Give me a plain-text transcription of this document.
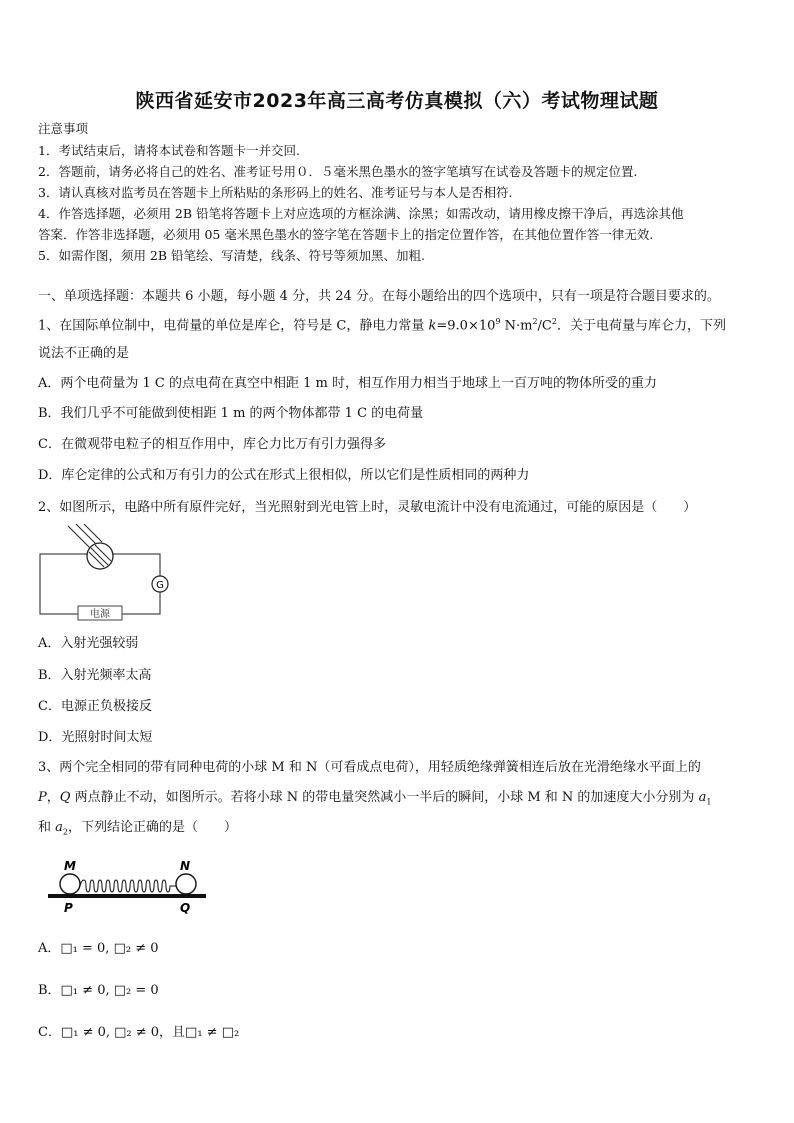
陕西省延安市2023年高三高考仿真模拟（六）考试物理试题
注意事项
1．考试结束后，请将本试卷和答题卡一并交回.
2．答题前，请务必将自己的姓名、准考证号用０．５毫米黑色墨水的签字笔填写在试卷及答题卡的规定位置.
3．请认真核对监考员在答题卡上所粘贴的条形码上的姓名、准考证号与本人是否相符.
4．作答选择题，必须用 2B 铅笔将答题卡上对应选项的方框涂满、涂黑；如需改动，请用橡皮擦干净后，再选涂其他
答案．作答非选择题，必须用 05 毫米黑色墨水的签字笔在答题卡上的指定位置作答，在其他位置作答一律无效.
5．如需作图，须用 2B 铅笔绘、写清楚，线条、符号等须加黑、加粗.
一、单项选择题：本题共 6 小题，每小题 4 分，共 24 分。在每小题给出的四个选项中，只有一项是符合题目要求的。
1、在国际单位制中，电荷量的单位是库仑，符号是 C，静电力常量 $k=9.0\times 10^9$ $N\cdot m^2/C^2$．关于电荷量与库仑力，下列
说法不正确的是
A．两个电荷量为 1 C 的点电荷在真空中相距 1 m 时，相互作用力相当于地球上一百万吨的物体所受的重力
B．我们几乎不可能做到使相距 1 m 的两个物体都带 1 C 的电荷量
C．在微观带电粒子的相互作用中，库仑力比万有引力强得多
D．库仑定律的公式和万有引力的公式在形式上很相似，所以它们是性质相同的两种力
2、如图所示，电路中所有原件完好，当光照射到光电管上时，灵敏电流计中没有电流通过，可能的原因是（　　）
G
电源
A．入射光强较弱
B．入射光频率太高
C．电源正负极接反
D．光照射时间太短
3、两个完全相同的带有同种电荷的小球 M 和 N（可看成点电荷），用轻质绝缘弹簧相连后放在光滑绝缘水平面上的
P，Q 两点静止不动，如图所示。若将小球 N 的带电量突然减小一半后的瞬间，小球 M 和 N 的加速度大小分别为 $a_1$
和 $a_2$，下列结论正确的是（　　）
M	N
P	Q
A．□₁ = 0, □₂ ≠ 0
B．□₁ ≠ 0, □₂ = 0
C．□₁ ≠ 0, □₂ ≠ 0，且□₁ ≠ □₂
